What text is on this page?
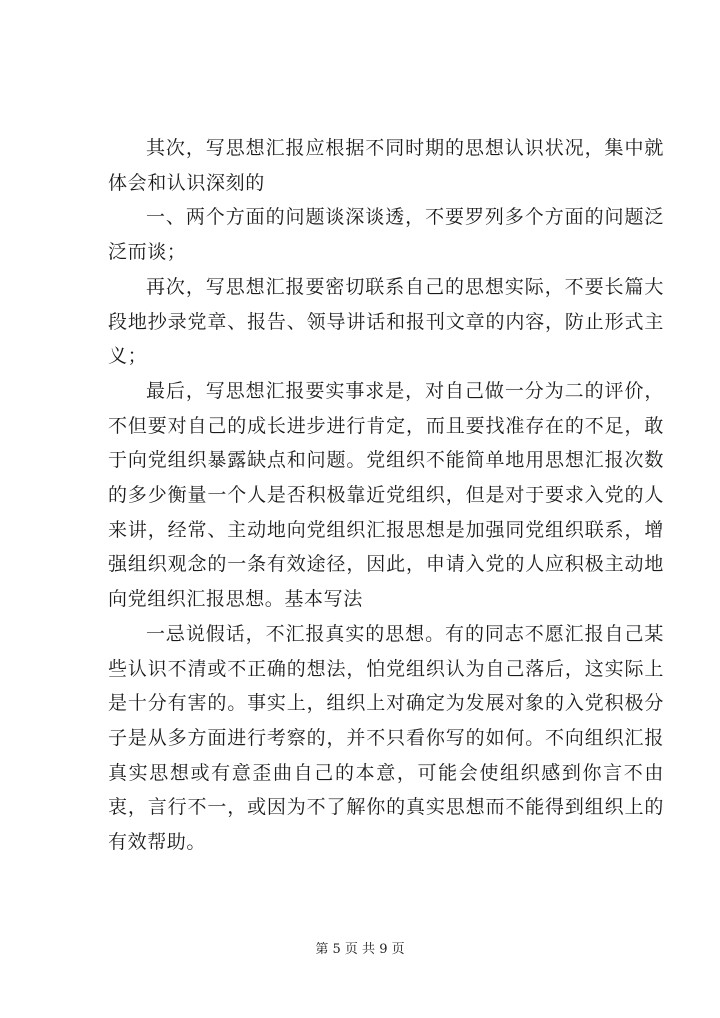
其次，写思想汇报应根据不同时期的思想认识状况，集中就体会和认识深刻的

一、两个方面的问题谈深谈透，不要罗列多个方面的问题泛泛而谈；

再次，写思想汇报要密切联系自己的思想实际，不要长篇大段地抄录党章、报告、领导讲话和报刊文章的内容，防止形式主义；

最后，写思想汇报要实事求是，对自己做一分为二的评价，不但要对自己的成长进步进行肯定，而且要找准存在的不足，敢于向党组织暴露缺点和问题。党组织不能简单地用思想汇报次数的多少衡量一个人是否积极靠近党组织，但是对于要求入党的人来讲，经常、主动地向党组织汇报思想是加强同党组织联系，增强组织观念的一条有效途径，因此，申请入党的人应积极主动地向党组织汇报思想。基本写法

一忌说假话，不汇报真实的思想。有的同志不愿汇报自己某些认识不清或不正确的想法，怕党组织认为自己落后，这实际上是十分有害的。事实上，组织上对确定为发展对象的入党积极分子是从多方面进行考察的，并不只看你写的如何。不向组织汇报真实思想或有意歪曲自己的本意，可能会使组织感到你言不由衷，言行不一，或因为不了解你的真实思想而不能得到组织上的有效帮助。

第 5 页 共 9 页
